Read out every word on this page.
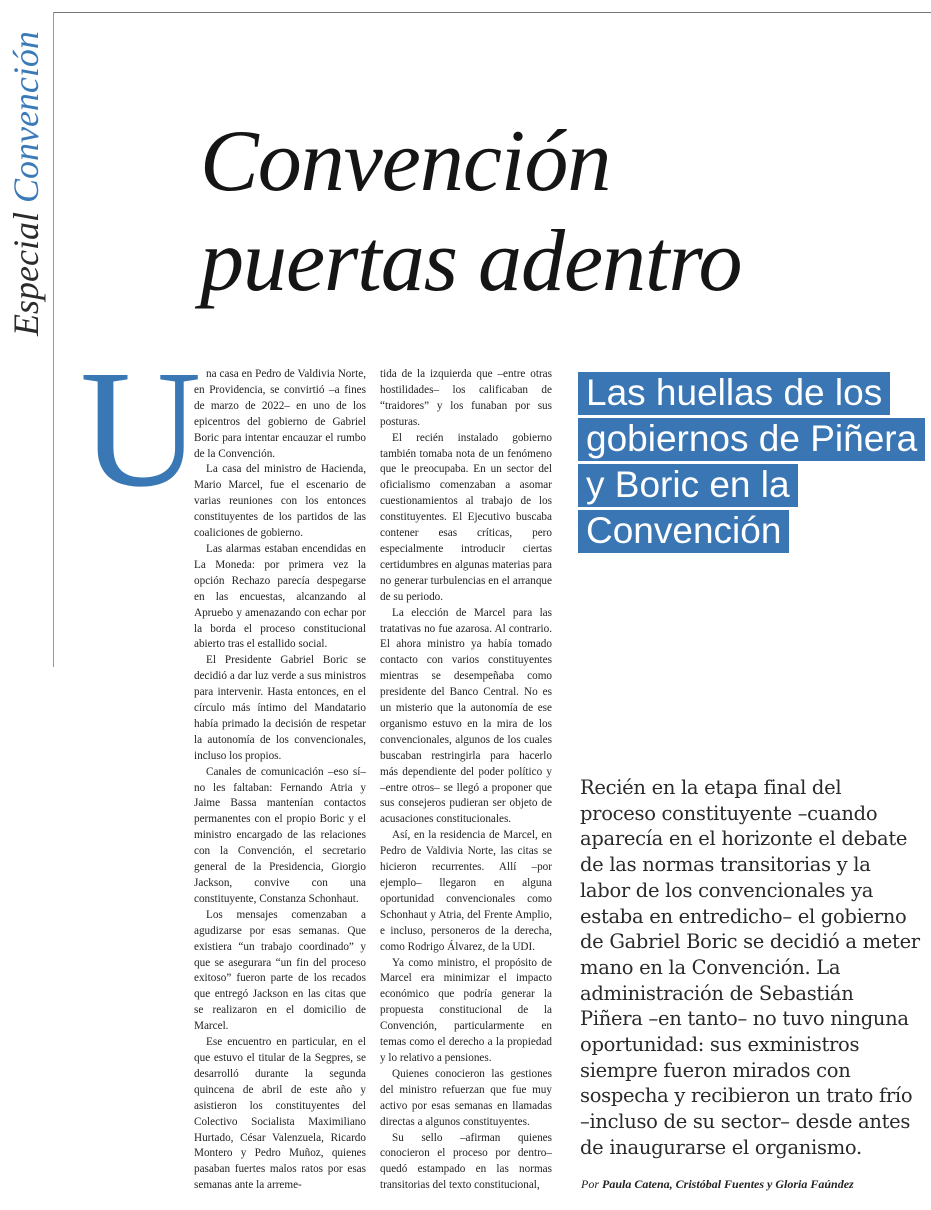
Especial Convención Convención
puertas adentro
U na casa en Pedro de Valdivia Norte, en Providencia, se convirtió –a fines de marzo de 2022– en uno de los epicentros del gobierno de Gabriel Boric para intentar encauzar el rumbo de la Convención.

La casa del ministro de Hacienda, Mario Marcel, fue el escenario de varias reuniones con los entonces constituyentes de los partidos de las coaliciones de gobierno.

Las alarmas estaban encendidas en La Moneda: por primera vez la opción Rechazo parecía despegarse en las encuestas, alcanzando al Apruebo y amenazando con echar por la borda el proceso constitucional abierto tras el estallido social.

El Presidente Gabriel Boric se decidió a dar luz verde a sus ministros para intervenir. Hasta entonces, en el círculo más íntimo del Mandatario había primado la decisión de respetar la autonomía de los convencionales, incluso los propios.

Canales de comunicación –eso sí– no les faltaban: Fernando Atria y Jaime Bassa mantenían contactos permanentes con el propio Boric y el ministro encargado de las relaciones con la Convención, el secretario general de la Presidencia, Giorgio Jackson, convive con una constituyente, Constanza Schonhaut.

Los mensajes comenzaban a agudizarse por esas semanas. Que existiera “un trabajo coordinado” y que se asegurara “un fin del proceso exitoso” fueron parte de los recados que entregó Jackson en las citas que se realizaron en el domicilio de Marcel.

Ese encuentro en particular, en el que estuvo el titular de la Segpres, se desarrolló durante la segunda quincena de abril de este año y asistieron los constituyentes del Colectivo Socialista Maximiliano Hurtado, César Valenzuela, Ricardo Montero y Pedro Muñoz, quienes pasaban fuertes malos ratos por esas semanas ante la arreme-

tida de la izquierda que –entre otras hostilidades– los calificaban de “traidores” y los funaban por sus posturas.

El recién instalado gobierno también tomaba nota de un fenómeno que le preocupaba. En un sector del oficialismo comenzaban a asomar cuestionamientos al trabajo de los constituyentes. El Ejecutivo buscaba contener esas críticas, pero especialmente introducir ciertas certidumbres en algunas materias para no generar turbulencias en el arranque de su periodo.

La elección de Marcel para las tratativas no fue azarosa. Al contrario. El ahora ministro ya había tomado contacto con varios constituyentes mientras se desempeñaba como presidente del Banco Central. No es un misterio que la autonomía de ese organismo estuvo en la mira de los convencionales, algunos de los cuales buscaban restringirla para hacerlo más dependiente del poder político y –entre otros– se llegó a proponer que sus consejeros pudieran ser objeto de acusaciones constitucionales.

Así, en la residencia de Marcel, en Pedro de Valdivia Norte, las citas se hicieron recurrentes. Allí –por ejemplo– llegaron en alguna oportunidad convencionales como Schonhaut y Atria, del Frente Amplio, e incluso, personeros de la derecha, como Rodrigo Álvarez, de la UDI.

Ya como ministro, el propósito de Marcel era minimizar el impacto económico que podría generar la propuesta constitucional de la Convención, particularmente en temas como el derecho a la propiedad y lo relativo a pensiones.

Quienes conocieron las gestiones del ministro refuerzan que fue muy activo por esas semanas en llamadas directas a algunos constituyentes.

Su sello –afirman quienes conocieron el proceso por dentro– quedó estampado en las normas transitorias del texto constitucional,

Las huellas de los gobiernos de Piñera y Boric en la Convención

Recién en la etapa final del proceso constituyente –cuando aparecía en el horizonte el debate de las normas transitorias y la labor de los convencionales ya estaba en entredicho– el gobierno de Gabriel Boric se decidió a meter mano en la Convención. La administración de Sebastián Piñera –en tanto– no tuvo ninguna oportunidad: sus exministros siempre fueron mirados con sospecha y recibieron un trato frío –incluso de su sector– desde antes de inaugurarse el organismo.

Por Paula Catena, Cristóbal Fuentes y Gloria Faúndez
